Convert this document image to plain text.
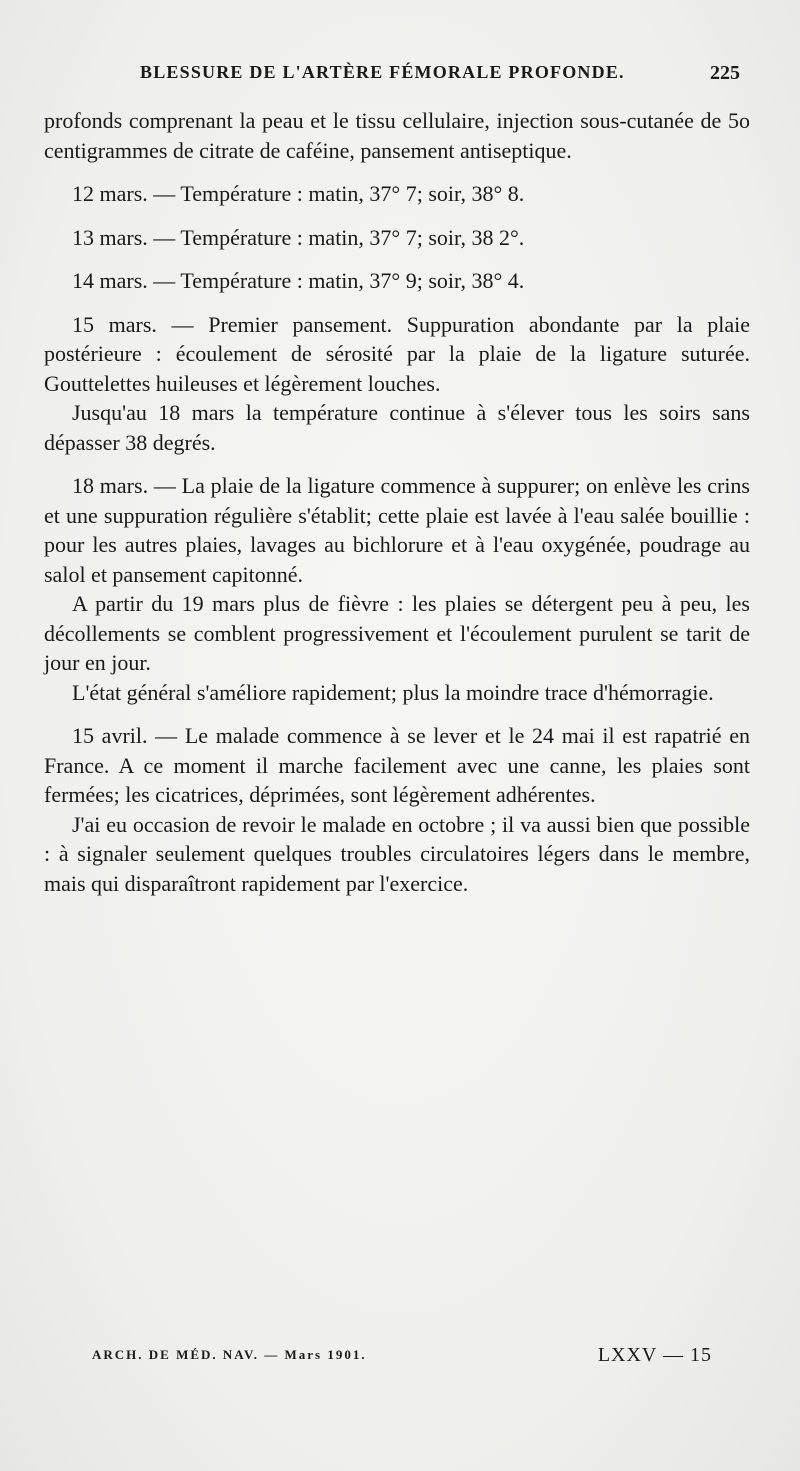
BLESSURE DE L'ARTÈRE FÉMORALE PROFONDE.	225

profonds comprenant la peau et le tissu cellulaire, injection sous-cutanée de 5o centigrammes de citrate de caféine, pansement antiseptique.

12 mars. — Température : matin, 37° 7; soir, 38° 8.

13 mars. — Température : matin, 37° 7; soir, 38 2°.

14 mars. — Température : matin, 37° 9; soir, 38° 4.

15 mars. — Premier pansement. Suppuration abondante par la plaie postérieure : écoulement de sérosité par la plaie de la ligature suturée. Gouttelettes huileuses et légèrement louches.

Jusqu'au 18 mars la température continue à s'élever tous les soirs sans dépasser 38 degrés.

18 mars. — La plaie de la ligature commence à suppurer; on enlève les crins et une suppuration régulière s'établit; cette plaie est lavée à l'eau salée bouillie : pour les autres plaies, lavages au bichlorure et à l'eau oxygénée, poudrage au salol et pansement capitonné.

A partir du 19 mars plus de fièvre : les plaies se détergent peu à peu, les décollements se comblent progressivement et l'écoulement purulent se tarit de jour en jour.

L'état général s'améliore rapidement; plus la moindre trace d'hémorragie.

15 avril. — Le malade commence à se lever et le 24 mai il est rapatrié en France. A ce moment il marche facilement avec une canne, les plaies sont fermées; les cicatrices, déprimées, sont légèrement adhérentes.

J'ai eu occasion de revoir le malade en octobre ; il va aussi bien que possible : à signaler seulement quelques troubles circulatoires légers dans le membre, mais qui disparaîtront rapidement par l'exercice.

ARCH. DE MÉD. NAV. — Mars 1901.	LXXV — 15
